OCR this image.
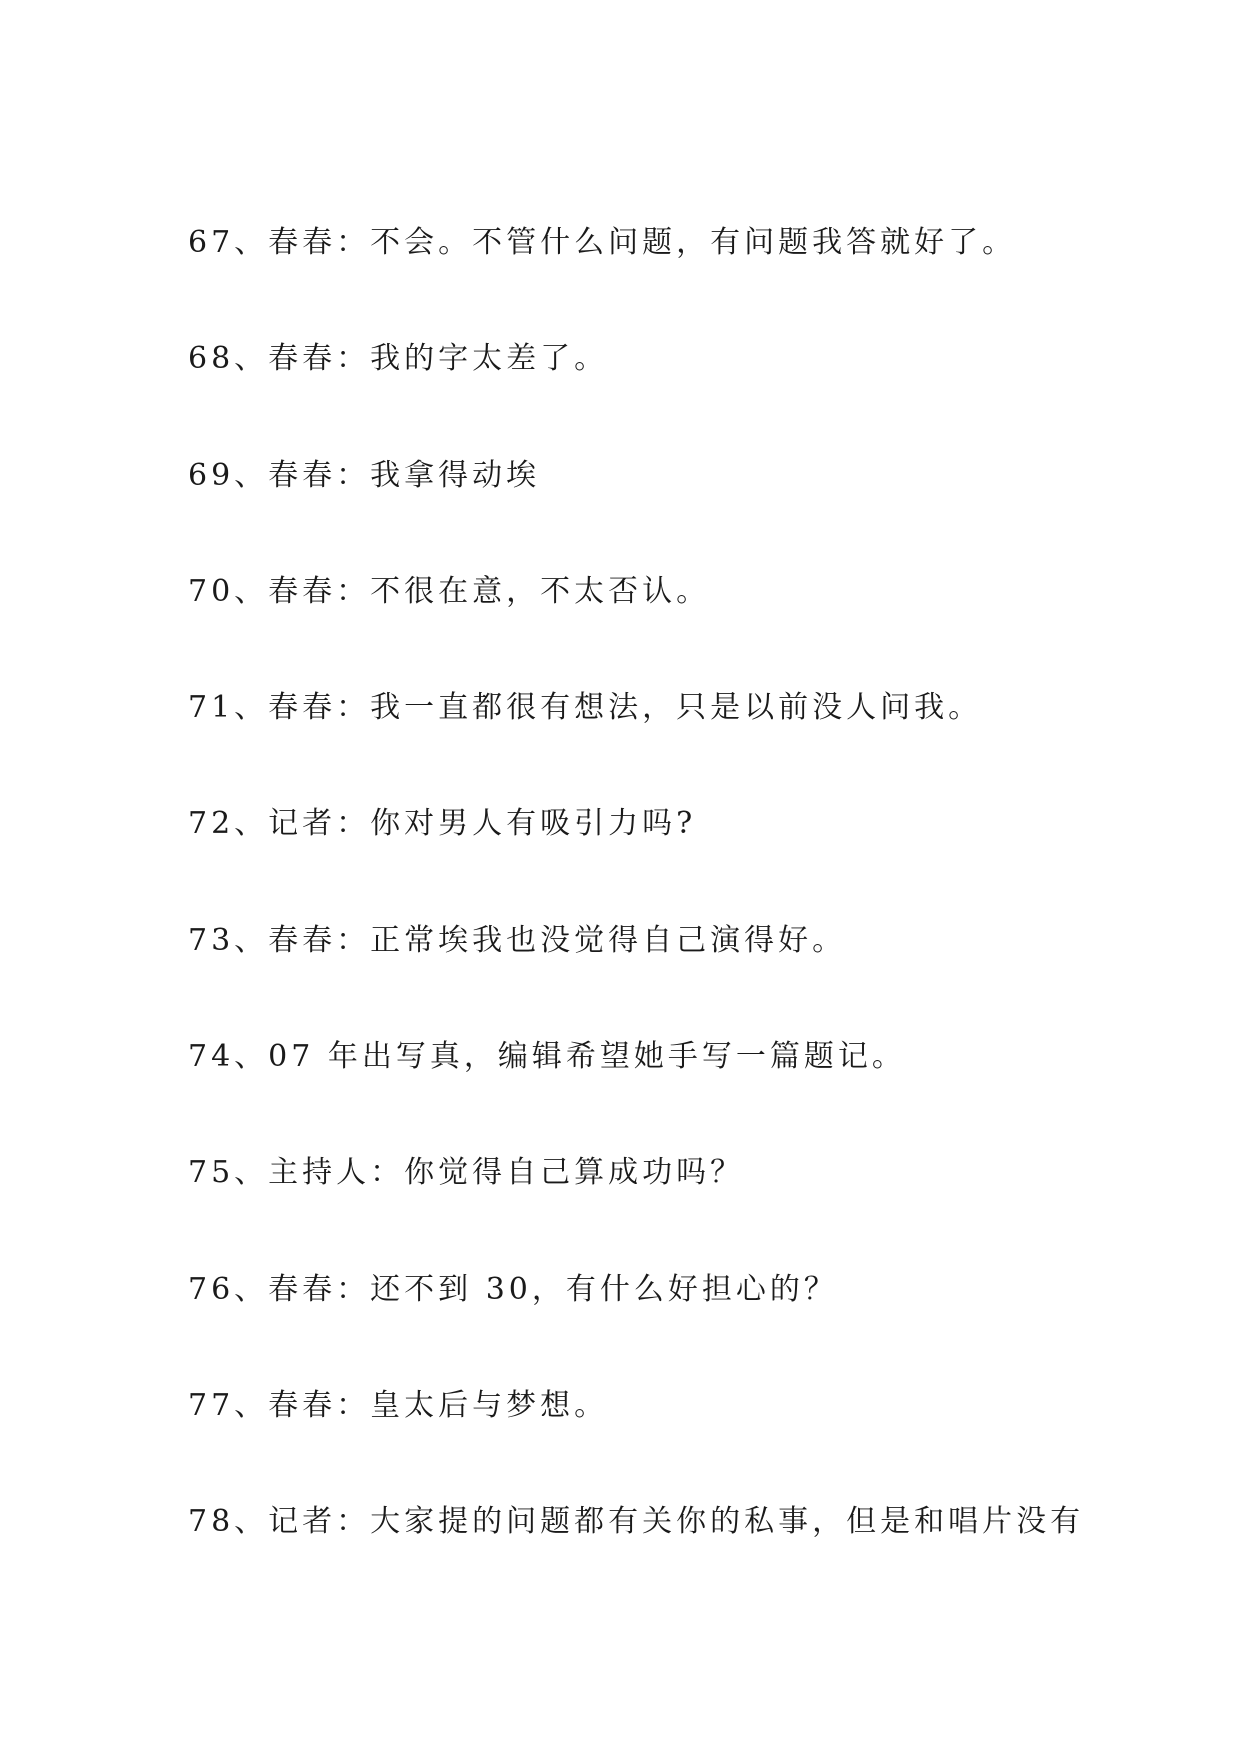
67、春春：不会。不管什么问题，有问题我答就好了。
68、春春：我的字太差了。
69、春春：我拿得动埃
70、春春：不很在意，不太否认。
71、春春：我一直都很有想法，只是以前没人问我。
72、记者：你对男人有吸引力吗?
73、春春：正常埃我也没觉得自己演得好。
74、07 年出写真，编辑希望她手写一篇题记。
75、主持人：你觉得自己算成功吗？
76、春春：还不到 30，有什么好担心的？
77、春春：皇太后与梦想。
78、记者：大家提的问题都有关你的私事，但是和唱片没有
